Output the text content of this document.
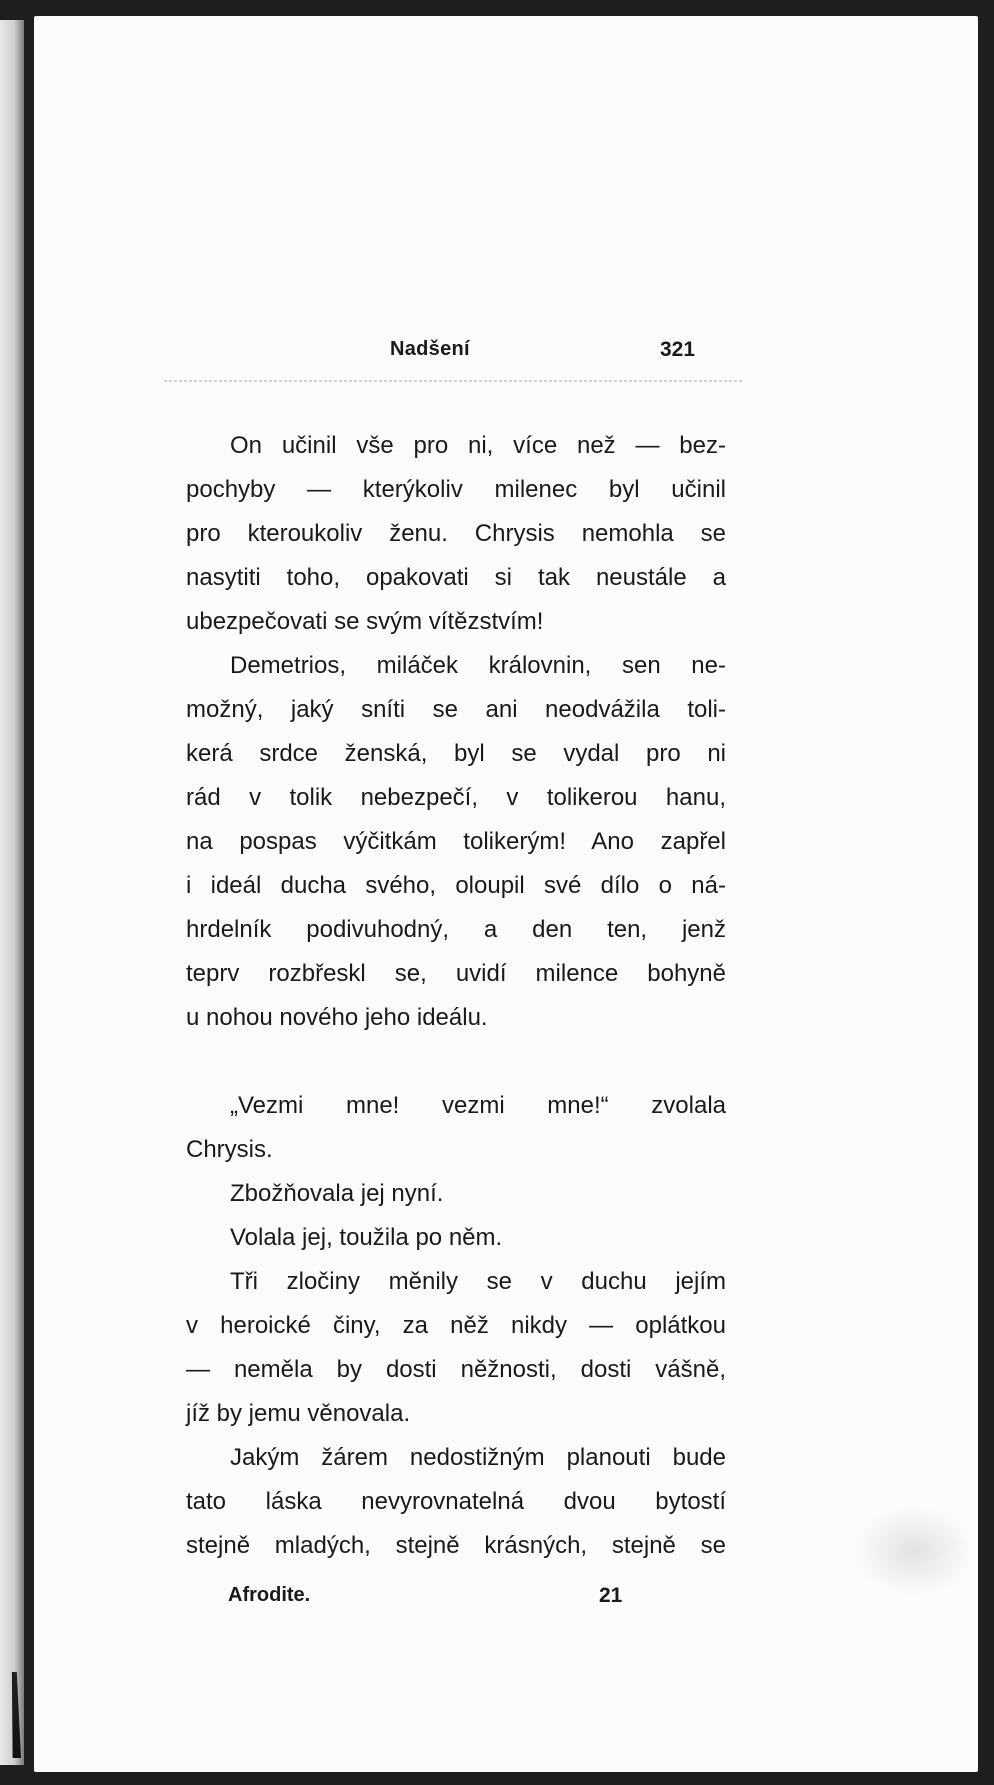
Nadšení	321
On učinil vše pro ni, více než — bez-
pochyby — kterýkoliv milenec byl učinil
pro kteroukoliv ženu. Chrysis nemohla se
nasytiti toho, opakovati si tak neustále a
ubezpečovati se svým vítězstvím!
Demetrios, miláček královnin, sen ne-
možný, jaký sníti se ani neodvážila toli-
kerá srdce ženská, byl se vydal pro ni
rád v tolik nebezpečí, v tolikerou hanu,
na pospas výčitkám tolikerým! Ano zapřel
i ideál ducha svého, oloupil své dílo o ná-
hrdelník podivuhodný, a den ten, jenž
teprv rozbřeskl se, uvidí milence bohyně
u nohou nového jeho ideálu.
„Vezmi mne! vezmi mne!“ zvolala
Chrysis.
Zbožňovala jej nyní.
Volala jej, toužila po něm.
Tři zločiny měnily se v duchu jejím
v heroické činy, za něž nikdy — oplátkou
— neměla by dosti něžnosti, dosti vášně,
jíž by jemu věnovala.
Jakým žárem nedostižným planouti bude
tato láska nevyrovnatelná dvou bytostí
stejně mladých, stejně krásných, stejně se
Afrodite.	21
